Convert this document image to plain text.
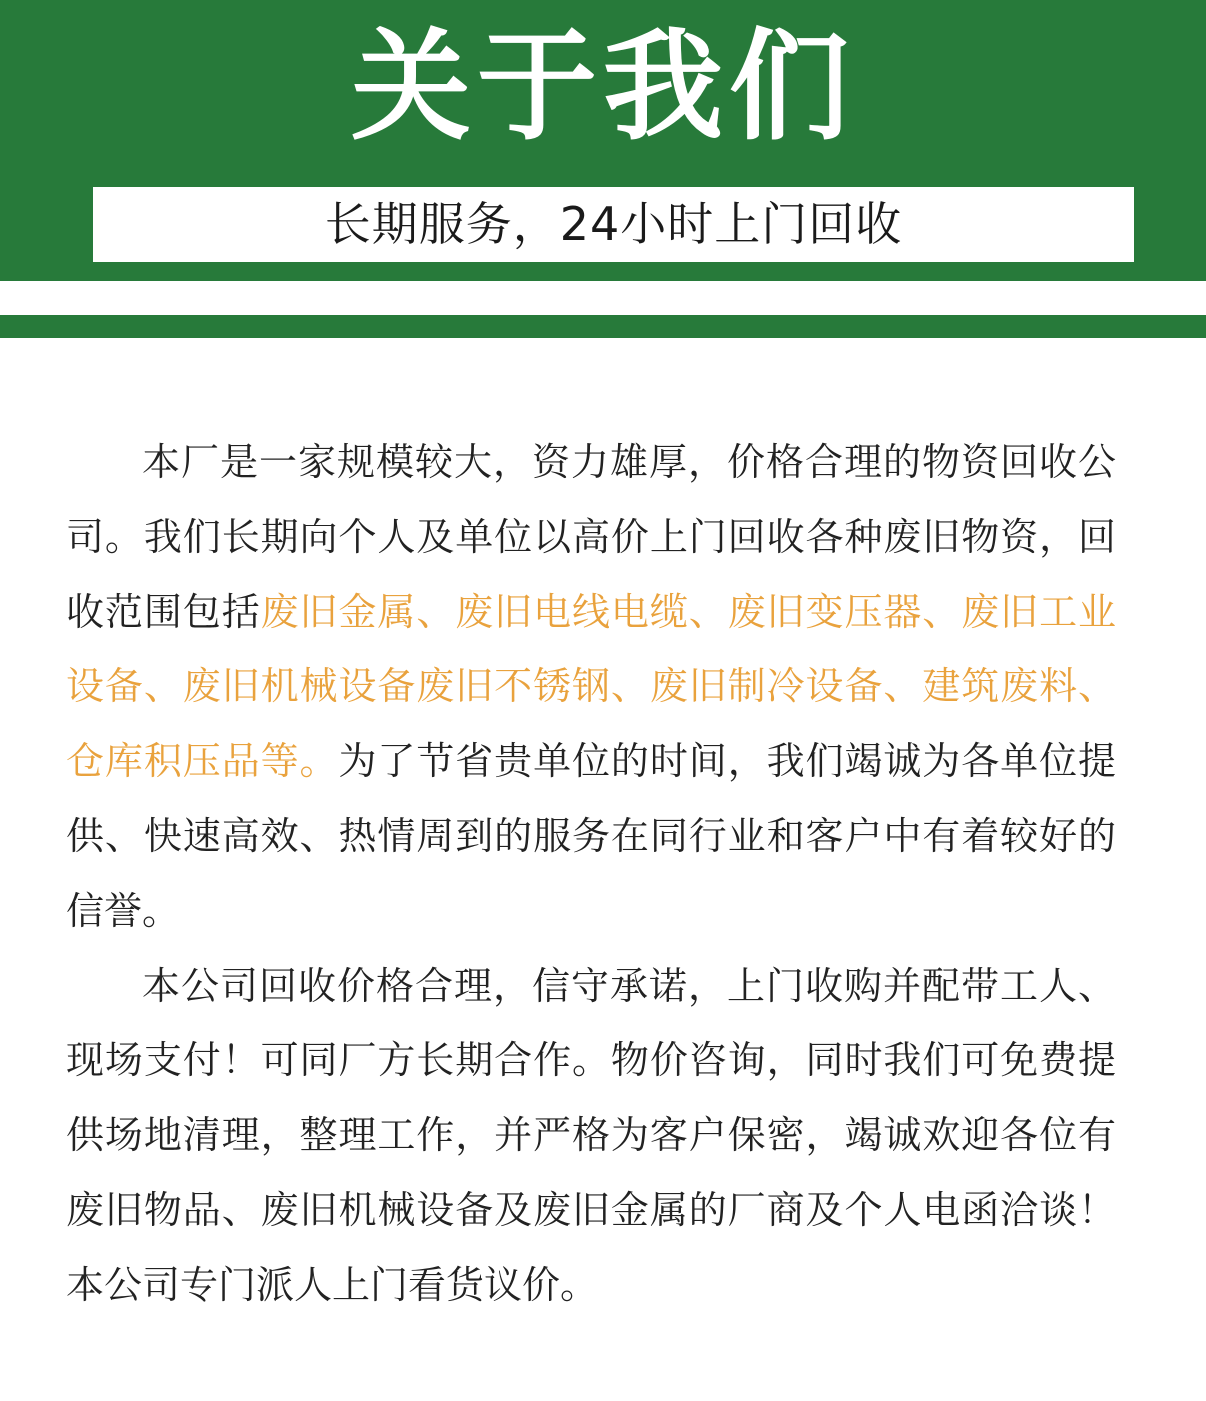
关于我们
长期服务，24小时上门回收

本厂是一家规模较大，资力雄厚，价格合理的物资回收公司。我们长期向个人及单位以高价上门回收各种废旧物资，回收范围包括废旧金属、废旧电线电缆、废旧变压器、废旧工业设备、废旧机械设备废旧不锈钢、废旧制冷设备、建筑废料、仓库积压品等。为了节省贵单位的时间，我们竭诚为各单位提供、快速高效、热情周到的服务在同行业和客户中有着较好的信誉。

本公司回收价格合理，信守承诺，上门收购并配带工人、现场支付！可同厂方长期合作。物价咨询，同时我们可免费提供场地清理，整理工作，并严格为客户保密，竭诚欢迎各位有废旧物品、废旧机械设备及废旧金属的厂商及个人电函洽谈！本公司专门派人上门看货议价。
